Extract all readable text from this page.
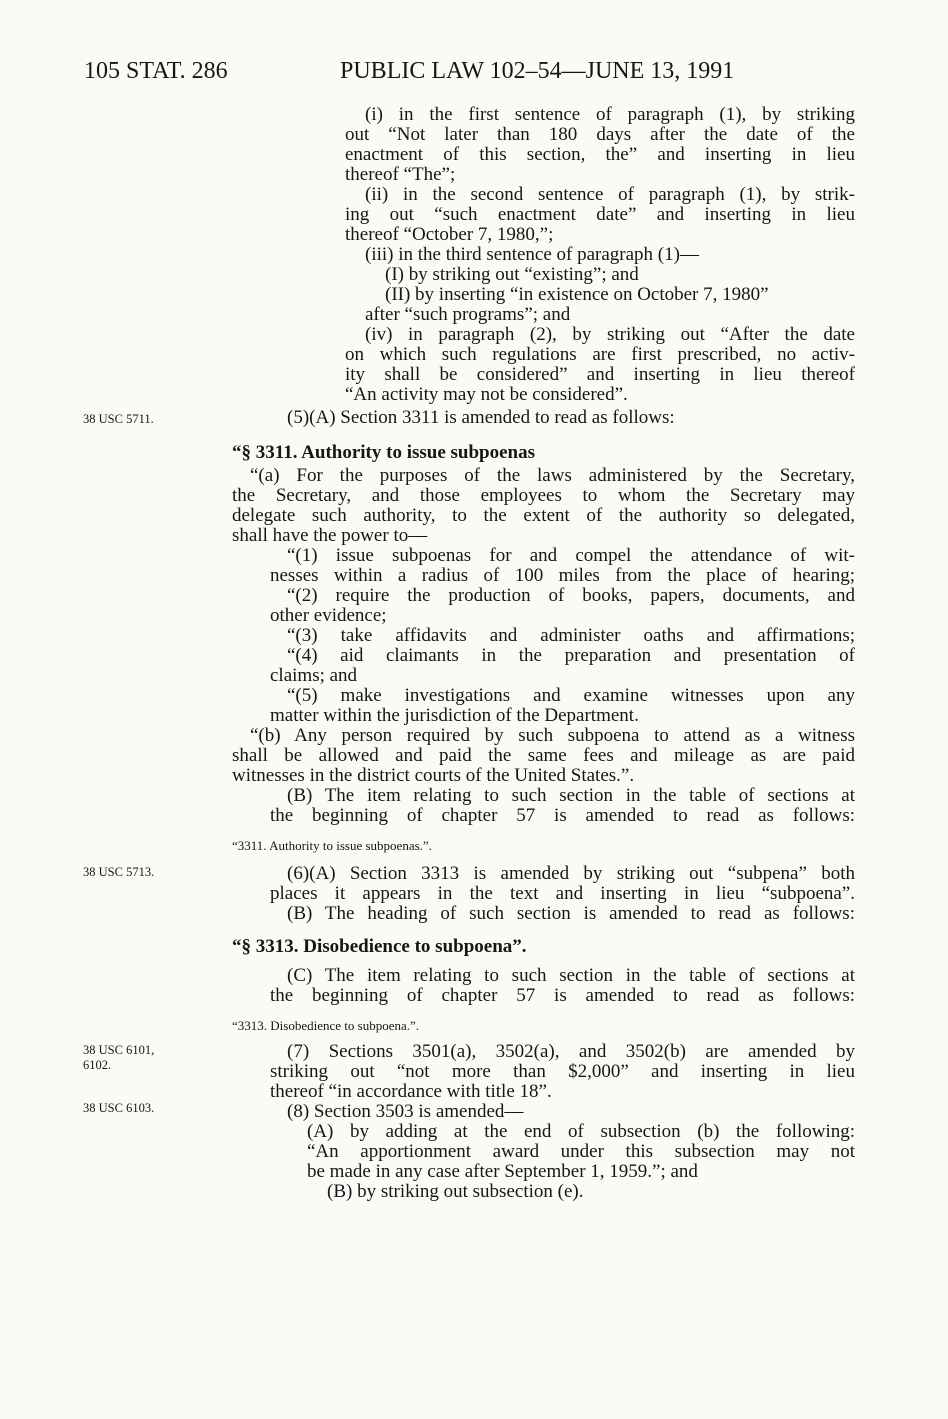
105 STAT. 286	PUBLIC LAW 102–54—JUNE 13, 1991
38 USC 5711.
38 USC 5713.
38 USC 6101,
6102.
38 USC 6103.
(i) in the first sentence of paragraph (1), by striking
out “Not later than 180 days after the date of the
enactment of this section, the” and inserting in lieu
thereof “The”;
(ii) in the second sentence of paragraph (1), by strik-
ing out “such enactment date” and inserting in lieu
thereof “October 7, 1980,”;
(iii) in the third sentence of paragraph (1)—
(I) by striking out “existing”; and
(II) by inserting “in existence on October 7, 1980”
after “such programs”; and
(iv) in paragraph (2), by striking out “After the date
on which such regulations are first prescribed, no activ-
ity shall be considered” and inserting in lieu thereof
“An activity may not be considered”.
(5)(A) Section 3311 is amended to read as follows:
“§ 3311. Authority to issue subpoenas
“(a) For the purposes of the laws administered by the Secretary,
the Secretary, and those employees to whom the Secretary may
delegate such authority, to the extent of the authority so delegated,
shall have the power to—
“(1) issue subpoenas for and compel the attendance of wit-
nesses within a radius of 100 miles from the place of hearing;
“(2) require the production of books, papers, documents, and
other evidence;
“(3) take affidavits and administer oaths and affirmations;
“(4) aid claimants in the preparation and presentation of
claims; and
“(5) make investigations and examine witnesses upon any
matter within the jurisdiction of the Department.
“(b) Any person required by such subpoena to attend as a witness
shall be allowed and paid the same fees and mileage as are paid
witnesses in the district courts of the United States.”.
(B) The item relating to such section in the table of sections at
the beginning of chapter 57 is amended to read as follows:
“3311. Authority to issue subpoenas.”.
(6)(A) Section 3313 is amended by striking out “subpena” both
places it appears in the text and inserting in lieu “subpoena”.
(B) The heading of such section is amended to read as follows:
“§ 3313. Disobedience to subpoena”.
(C) The item relating to such section in the table of sections at
the beginning of chapter 57 is amended to read as follows:
“3313. Disobedience to subpoena.”.
(7) Sections 3501(a), 3502(a), and 3502(b) are amended by
striking out “not more than $2,000” and inserting in lieu
thereof “in accordance with title 18”.
(8) Section 3503 is amended—
(A) by adding at the end of subsection (b) the following:
“An apportionment award under this subsection may not
be made in any case after September 1, 1959.”; and
(B) by striking out subsection (e).
